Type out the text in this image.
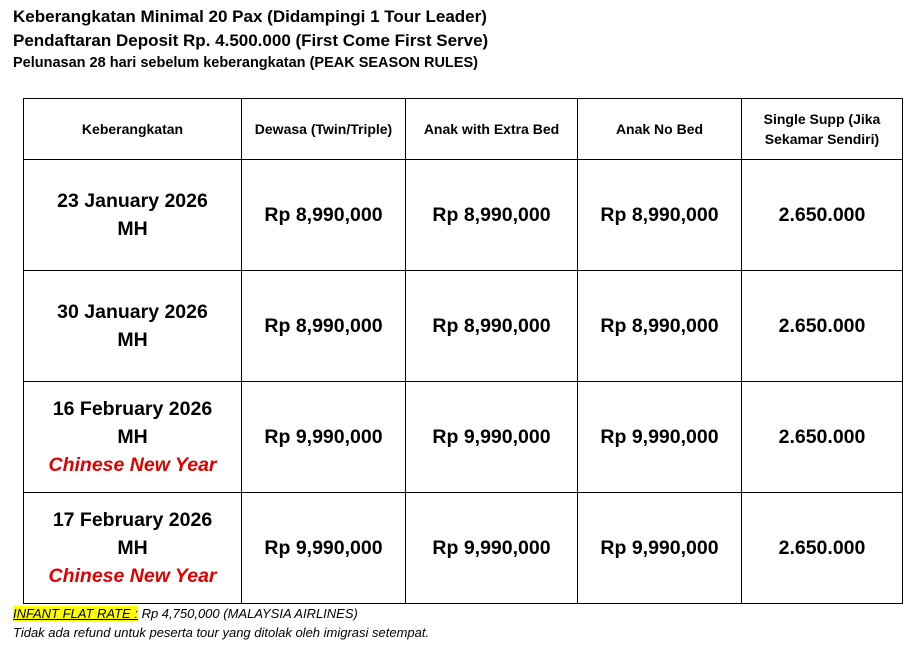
Keberangkatan Minimal 20 Pax (Didampingi 1 Tour Leader)
Pendaftaran Deposit Rp. 4.500.000 (First Come First Serve)
Pelunasan 28 hari sebelum keberangkatan (PEAK SEASON RULES)
Keberangkatan	Dewasa (Twin/Triple)	Anak with Extra Bed	Anak No Bed	Single Supp (Jika Sekamar Sendiri)
23 January 2026
MH	Rp 8,990,000	Rp 8,990,000	Rp 8,990,000	2.650.000
30 January 2026
MH	Rp 8,990,000	Rp 8,990,000	Rp 8,990,000	2.650.000
16 February 2026
MH
Chinese New Year	Rp 9,990,000	Rp 9,990,000	Rp 9,990,000	2.650.000
17 February 2026
MH
Chinese New Year	Rp 9,990,000	Rp 9,990,000	Rp 9,990,000	2.650.000
INFANT FLAT RATE : Rp 4,750,000 (MALAYSIA AIRLINES)
Tidak ada refund untuk peserta tour yang ditolak oleh imigrasi setempat.
